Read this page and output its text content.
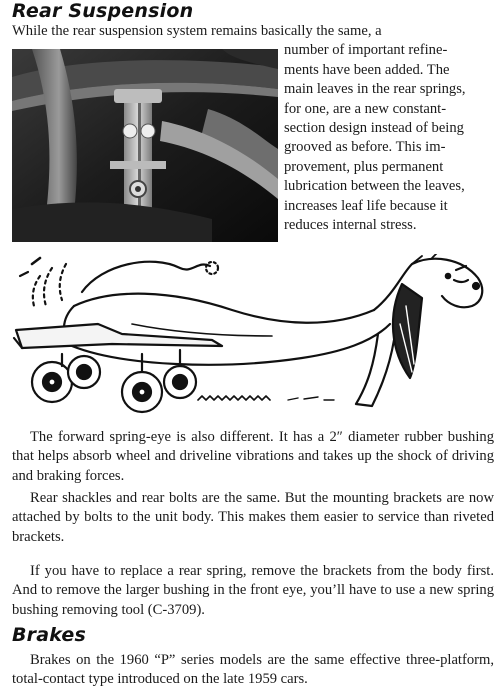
Rear Suspension

While the rear suspension system remains basically the same, a

number of important refine-
ments have been added. The
main leaves in the rear springs,
for one, are a new constant-
section design instead of being
grooved as before. This im-
provement, plus permanent
lubrication between the leaves,
increases leaf life because it
reduces internal stress.

The forward spring-eye is also different. It has a 2″ diameter rubber bushing that helps absorb wheel and driveline vibrations and takes up the shock of driving and braking forces.

Rear shackles and rear bolts are the same. But the mounting brackets are now attached by bolts to the unit body. This makes them easier to service than riveted brackets.

If you have to replace a rear spring, remove the brackets from the body first. And to remove the larger bushing in the front eye, you’ll have to use a new spring bushing removing tool (C-3709).

Brakes

Brakes on the 1960 “P” series models are the same effective three-platform, total-contact type introduced on the late 1959 cars.
